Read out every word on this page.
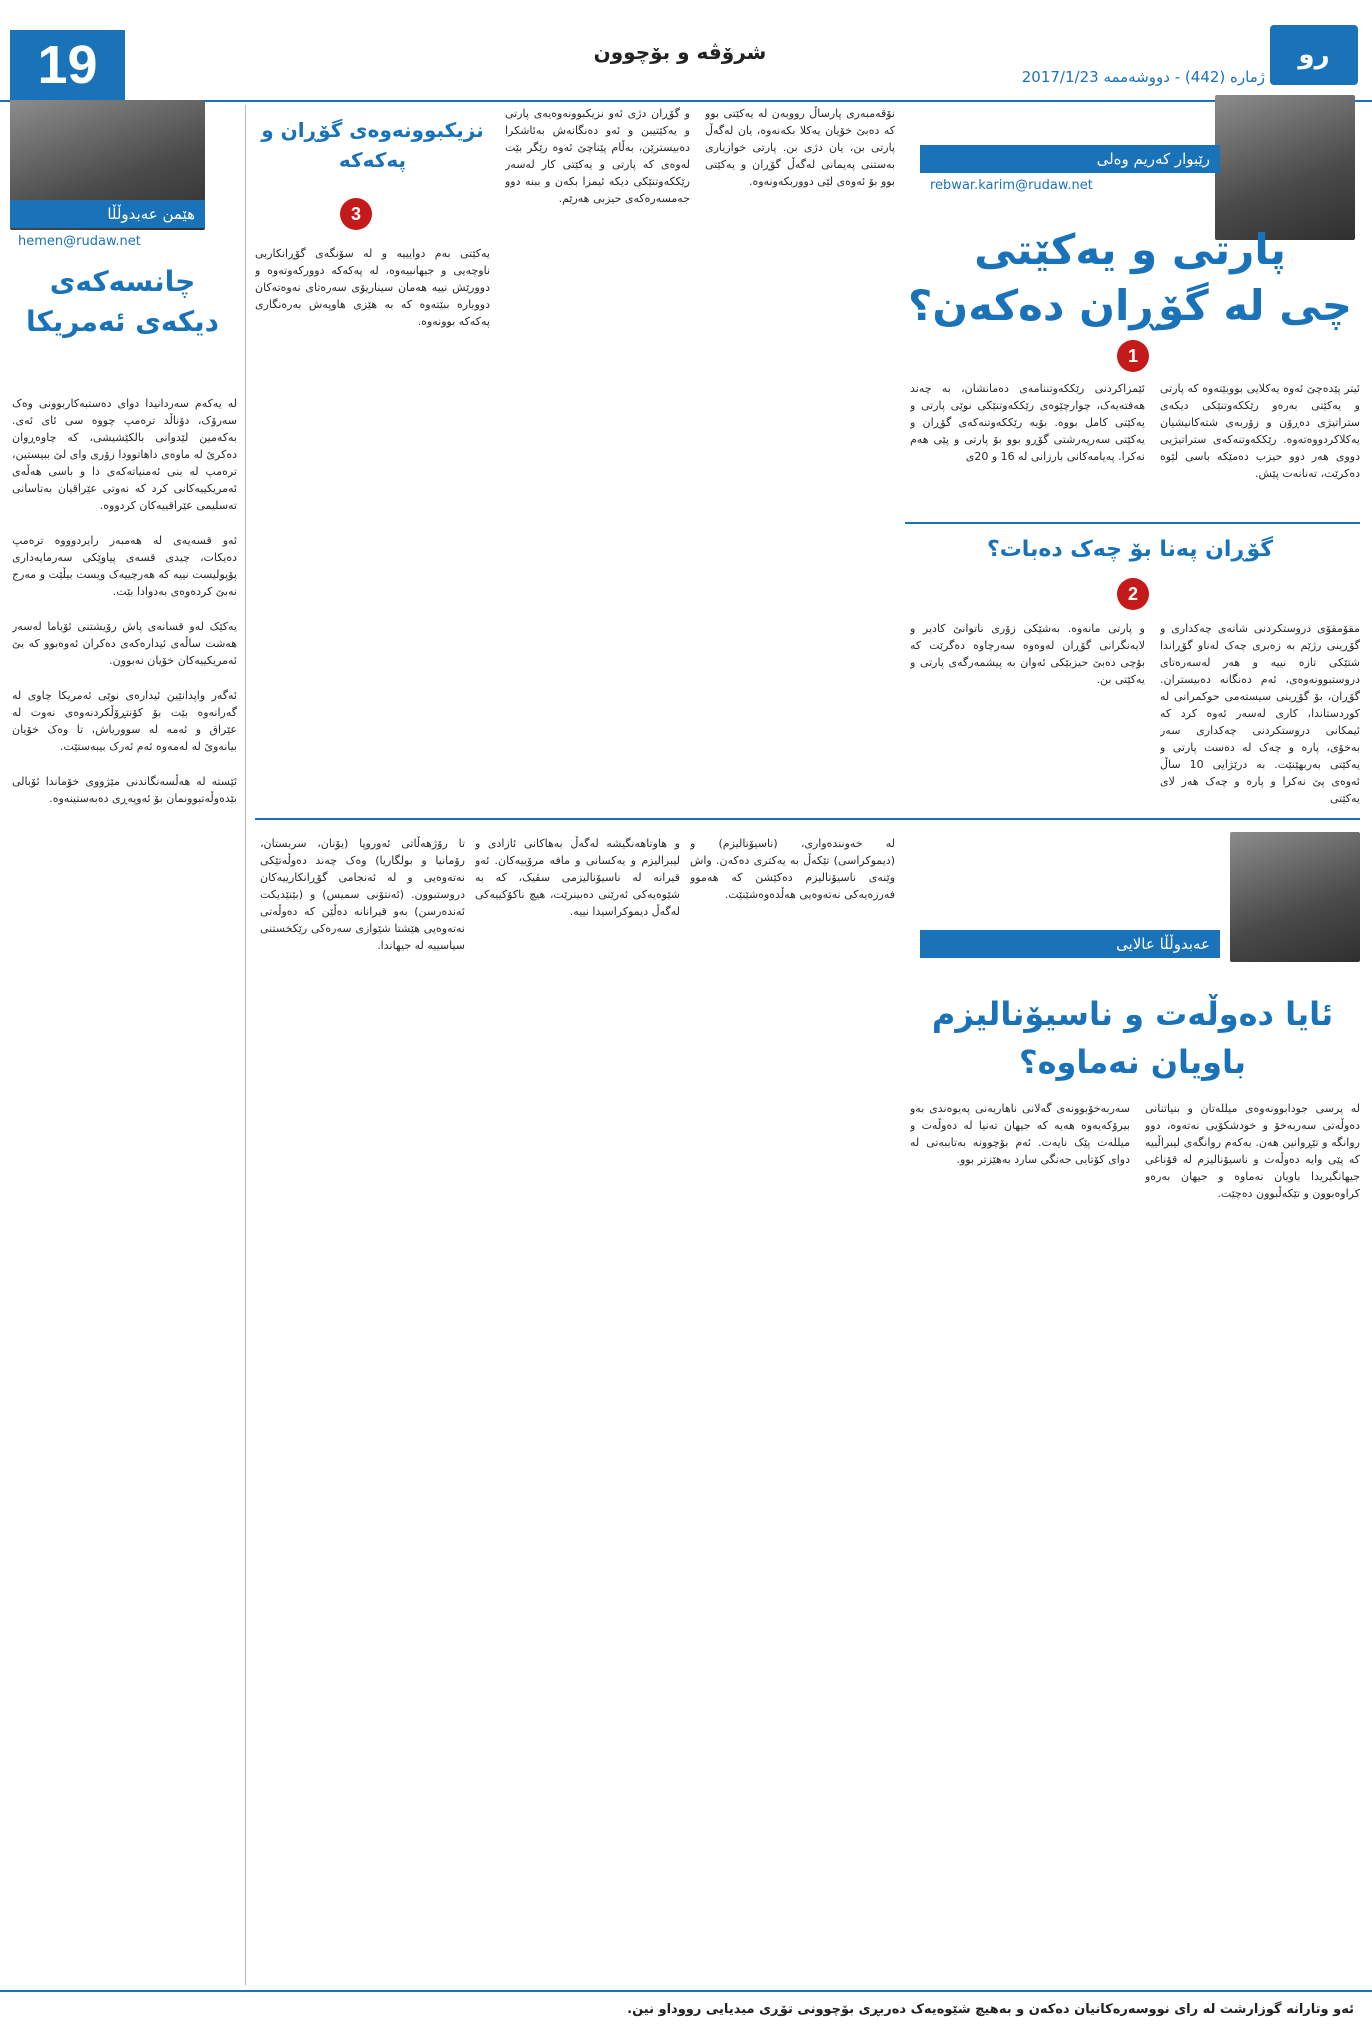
19	شرۆڤە و بۆچوون
ژمارە (442) - دووشەممە 2017/1/23
رو
هێمن عەبدوڵڵا
hemen@rudaw.net
چانسەکەی دیکەی ئەمریکا

لە یەکەم سەردانیدا دوای دەستبەکاربوونی وەک سەرۆک، دۆناڵد ترەمپ چووە سی ئای ئەی. بەکەمین لێدوانی بالکێشیشی، کە چاوەڕوان دەکرێ لە ماوەی داهاتوودا زۆری وای لێ ببیستین، ترەمپ لە بنی ئەمنیاتەکەی دا و باسی هەڵەی ئەمریکییەکانی کرد کە نەوتی عێراقیان بەتاسانی تەسلیمی عێراقییەکان کردووە.

ئەو قسەیەی لە هەمبەر رایردوووە ترەمپ دەیکات، چیدی قسەی پیاوێکی سەرمایەداری پۆپولیست نییە کە هەرچییەک ویست بیڵێت و مەرج نەبێ کردەوەی بەدوادا بێت.

یەکێک لەو قسانەی پاش رۆیشتنی ئۆباما لەسەر هەشت ساڵەی ئیدارەکەی دەکران ئەوەبوو کە بێ ئەمریکییەکان خۆیان نەبوون.

ئەگەر واپدانێین ئیدارەی نوێی ئەمریکا چاوی لە گەرانەوە بێت بۆ کۆنتڕۆڵکردنەوەی نەوت لە عێراق و ئەمە لە سووریاش، تا وەک خۆیان بیانەوێ لە لەمەوە ئەم ئەرک بیبەستێت.

ئێستە لە هەڵسەنگاندنی مێژووی خۆماندا ئۆبالی بێدەوڵەتبوونمان بۆ ئەوپەڕی دەبەستینەوە.

رێبوار کەریم وەلی
rebwar.karim@rudaw.net
پارتی و یەکێتی
چی لە گۆڕان دەکەن؟
1
ئیتر پێدەچێ ئەوە یەکلایی بووبێتەوە کە پارتی و یەکێتی بەرەو رێککەوتنێکی دیکەی ستراتیژی دەڕۆن و زۆربەی شتەکانیشیان یەکلاکردووەتەوە. رێککەوتنەکەی ستراتیژیی دووی هەر دوو حیزب دەمێکە باسی لێوە دەکرێت، تەنانەت پێش.
ئێمزاکردنی رێککەوتننامەی دەمانشان، بە چەند هەفتەیەک، چوارچێوەی رێککەوتنێکی نوێی پارتی و یەکێتی کامل بووە. بۆیە رێککەوتنەکەی گۆڕان و یەکێتی سەرپەرشتی گۆڕو بوو بۆ پارتی و پێی هەم نەکرا. پەیامەکانی بارزانی لە 16 و 20ی
گۆڕان پەنا بۆ چەک دەبات؟
2
مقۆمقۆی دروستکردنی شانەی چەکداری و گۆڕینی رژێم بە زەبری چەک لەناو گۆڕاندا شتێکی تازە نییە و هەر لەسەرەتای دروستبوونەوەی، ئەم دەنگانە دەبیستران. گۆڕان، بۆ گۆڕینی سیستەمی حوکمرانی لە کوردستاندا، کاری لەسەر ئەوە کرد کە ئیمکانی دروستکردنی چەکداری سەر بەخۆی، پارە و چەک لە دەست پارتی و یەکێتی بەربهێنێت. بە درێژایی 10 ساڵ ئەوەی پێ نەکرا و پارە و چەک هەر لای یەکێتی
و پارتی مانەوە. بەشێکی زۆری ناتوانێ کادیر و لایەنگرانی گۆڕان لەوەوە سەرچاوە دەگرێت کە بۆچی دەبێ حیزبێکی ئەوان بە پیشمەرگەی پارتی و یەکێتی بن.
نزیکبوونەوەی گۆڕان و
پەکەکە
3
یەکێتی بەم دوایییە و لە سۆنگەی گۆڕانکاریی ناوچەیی و جیهانییەوە، لە پەکەکە دوورکەوتەوە و دوورێش نییە هەمان سیناریۆی سەرەتای نەوەتەکان دووبارە ببێتەوە کە بە هێزی هاوپەش بەرەنگاری پەکەکە بوونەوە.
و گۆڕان دژی ئەو نزیکبوونەوەیەی پارتی و یەکێتیبن و ئەو دەنگانەش بەئاشکرا دەبیسترێن، بەڵام پێناچێ ئەوە رێگر بێت لەوەی کە پارتی و یەکێتی کار لەسەر رێککەوتنێکی دیکە ئیمزا بکەن و ببنە دوو جەمسەرەکەی حیزبی هەرێم.
نۆڤەمبەری پارساڵ رووبەن لە یەکێتی بوو کە دەبێ خۆیان یەکلا بکەنەوە، یان لەگەڵ پارتی بن، یان دژی بن. پارتی خوازیاری بەستنی پەیمانی لەگەڵ گۆڕان و یەکێتی بوو بۆ ئەوەی لێی دووربکەونەوە.
عەبدوڵڵا عالایی
ئایا دەوڵەت و ناسیۆنالیزم
باویان نەماوە؟
لە پرسی جودابوونەوەی میللەتان و بنیاتنانی دەوڵەتی سەربەخۆ و خودشکۆیی نەتەوە، دوو روانگە و تێڕوانین هەن. یەکەم روانگەی لیبراڵییە کە پێی وایە دەوڵەت و ناسیۆنالیزم لە قۆناغی جیهانگیریدا باویان نەماوە و جیهان بەرەو کراوەبوون و تێکەڵبوون دەچێت.
سەربەخۆبوونەی گەلانی ناهاریەنی پەیوەندی بەو بیرۆکەیەوە هەیە کە جیهان تەنیا لە دەوڵەت و میللەت پێک نایەت. ئەم بۆچوونە بەتایبەتی لە دوای کۆتایی جەنگی سارد بەهێزتر بوو.
لە خەونندەواری، (ناسیۆنالیزم) و (دیموکراسی) تێکەڵ بە یەکتری دەکەن. واش وێنەی ناسیۆنالیزم دەکێشن کە هەموو فەرزەیەکی نەتەوەیی هەڵدەوەشێنێت.
و هاوتاهەنگیشە لەگەڵ بەهاکانی ئازادی و لیبرالیزم و یەکسانی و مافە مرۆییەکان. ئەو قیرانە لە ناسیۆنالیزمی سڤیک، کە بە شێوەیەکی ئەرێنی دەبینرێت، هیچ ناکۆکییەکی لەگەڵ دیموکراسیدا نییە.
تا رۆژهەڵاتی ئەوروپا (یۆنان، سربستان، رۆمانیا و بولگاریا) وەک چەند دەوڵەتێکی نەتەوەیی و لە ئەنجامی گۆڕانکارییەکان دروستبوون. (ئەنتۆنی سمیس) و (بێنێدیکت ئەندەرسن) بەو قیرانانە دەڵێن کە دەوڵەتی نەتەوەیی هێشتا شێوازی سەرەکی رێکخستنی سیاسییە لە جیهاندا.
ئەو وتارانە گوزارشت لە رای نووسەرەکانیان دەکەن و بەهیچ شێوەیەک دەربڕی بۆچوونی تۆڕی میدیایی رووداو نین.
